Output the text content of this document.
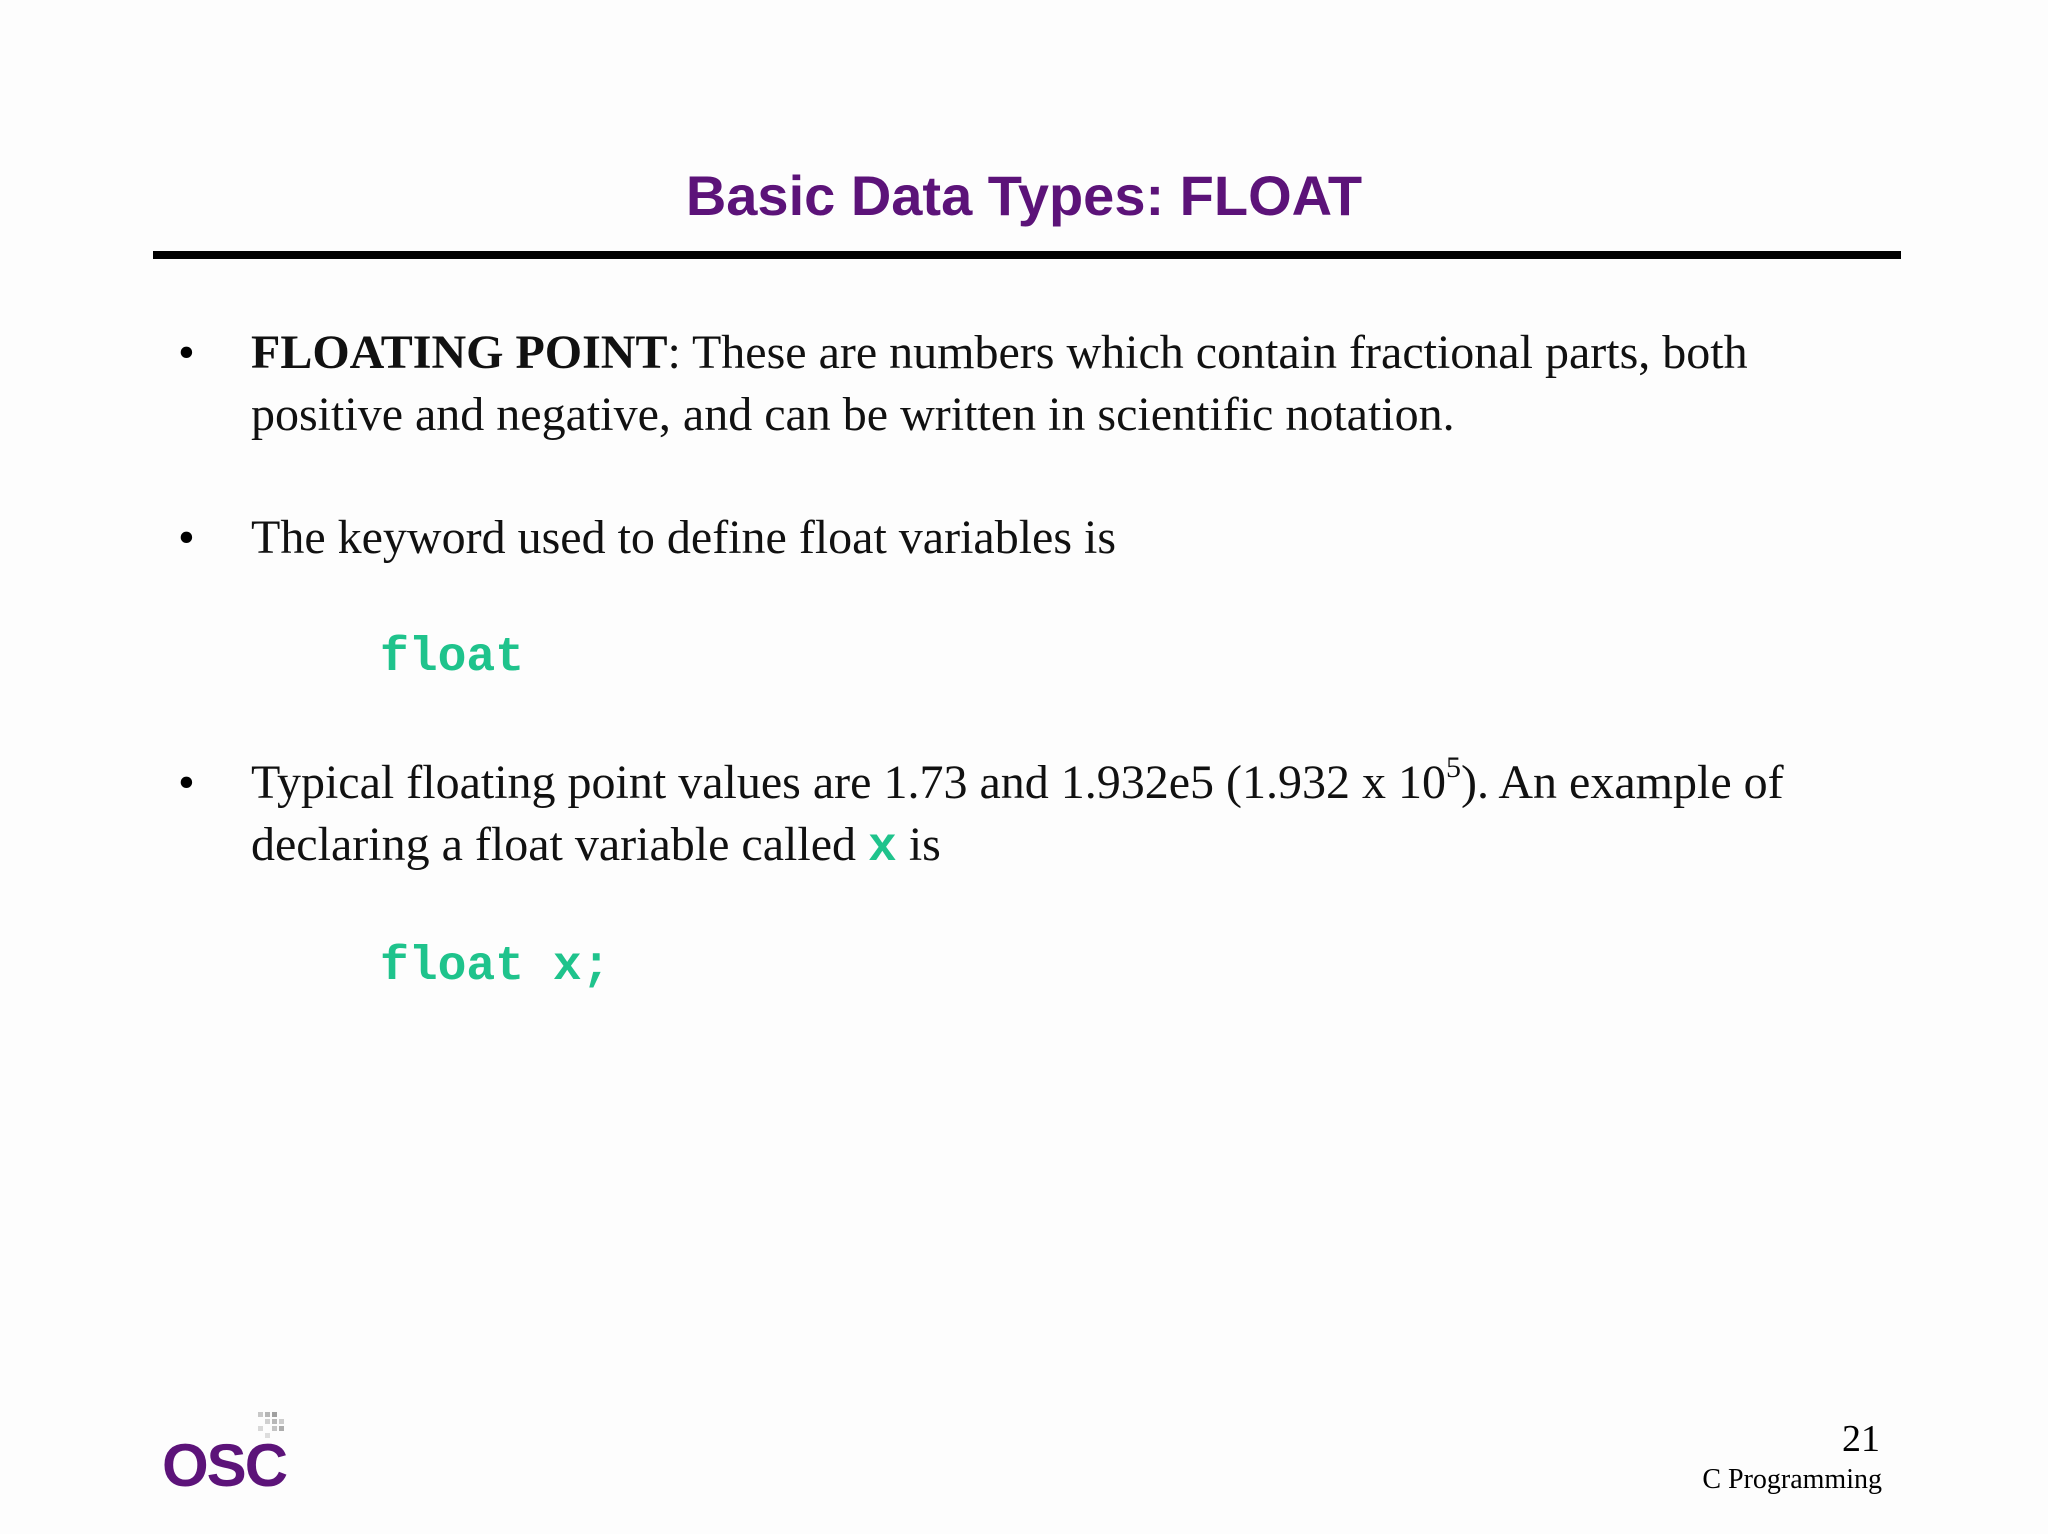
Basic Data Types: FLOAT
• FLOATING POINT: These are numbers which contain fractional parts, both positive and negative, and can be written in scientific notation.
• The keyword used to define float variables is
float
• Typical floating point values are 1.73 and 1.932e5 (1.932 x $10^5$). An example of declaring a float variable called x is
float x;
OSC	21
C Programming
